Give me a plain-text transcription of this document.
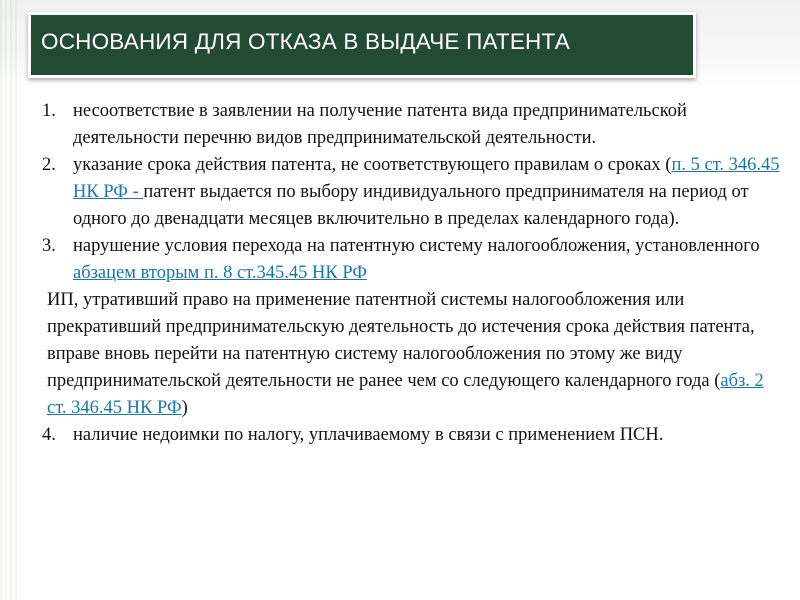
ОСНОВАНИЯ ДЛЯ ОТКАЗА В ВЫДАЧЕ ПАТЕНТА
1. несоответствие в заявлении на получение патента вида предпринимательской деятельности перечню видов предпринимательской деятельности.
2. указание срока действия патента, не соответствующего правилам о сроках (п. 5 ст. 346.45 НК РФ - патент выдается по выбору индивидуального предпринимателя на период от одного до двенадцати месяцев включительно в пределах календарного года).
3. нарушение условия перехода на патентную систему налогообложения, установленного абзацем вторым п. 8 ст.345.45 НК РФ
ИП, утративший право на применение патентной системы налогообложения или прекративший предпринимательскую деятельность до истечения срока действия патента, вправе вновь перейти на патентную систему налогообложения по этому же виду предпринимательской деятельности не ранее чем со следующего календарного года (абз. 2 ст. 346.45 НК РФ)
4. наличие недоимки по налогу, уплачиваемому в связи с применением ПСН.
